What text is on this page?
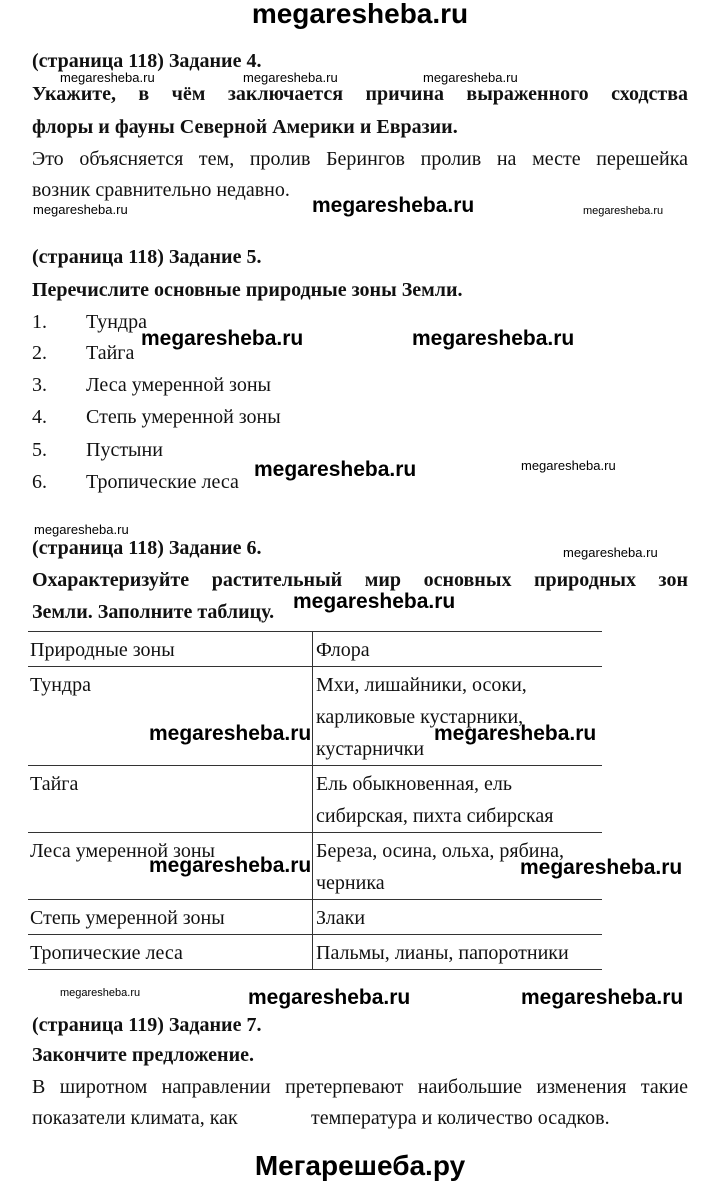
megaresheba.ru
(страница 118) Задание 4.
megaresheba.ru	megaresheba.ru	megaresheba.ru
Укажите, в чём заключается причина выраженного сходства
флоры и фауны Северной Америки и Евразии.
Это объясняется тем, пролив Берингов пролив на месте перешейка
возник сравнительно недавно.
megaresheba.ru	megaresheba.ru	megaresheba.ru
(страница 118) Задание 5.
Перечислите основные природные зоны Земли.
1. Тундра
2. Тайга
3. Леса умеренной зоны
4. Степь умеренной зоны
5. Пустыни
6. Тропические леса
megaresheba.ru	megaresheba.ru
megaresheba.ru	megaresheba.ru
megaresheba.ru
(страница 118) Задание 6.	megaresheba.ru
Охарактеризуйте растительный мир основных природных зон
Земли. Заполните таблицу. megaresheba.ru
Природные зоны	Флора
Тундра	Мхи, лишайники, осоки,
карликовые кустарники,
кустарнички

Тайга	Ель обыкновенная, ель
сибирская, пихта сибирская

Леса умеренной зоны	Береза, осина, ольха, рябина,
черника

Степь умеренной зоны	Злаки

Тропические леса	Пальмы, лианы, папоротники
megaresheba.ru	megaresheba.ru
megaresheba.ru	megaresheba.ru
megaresheba.ru	megaresheba.ru	megaresheba.ru
(страница 119) Задание 7.
Закончите предложение.
В широтном направлении претерпевают наибольшие изменения такие
показатели климата, как	температура и количество осадков.
Мегарешеба.ру
